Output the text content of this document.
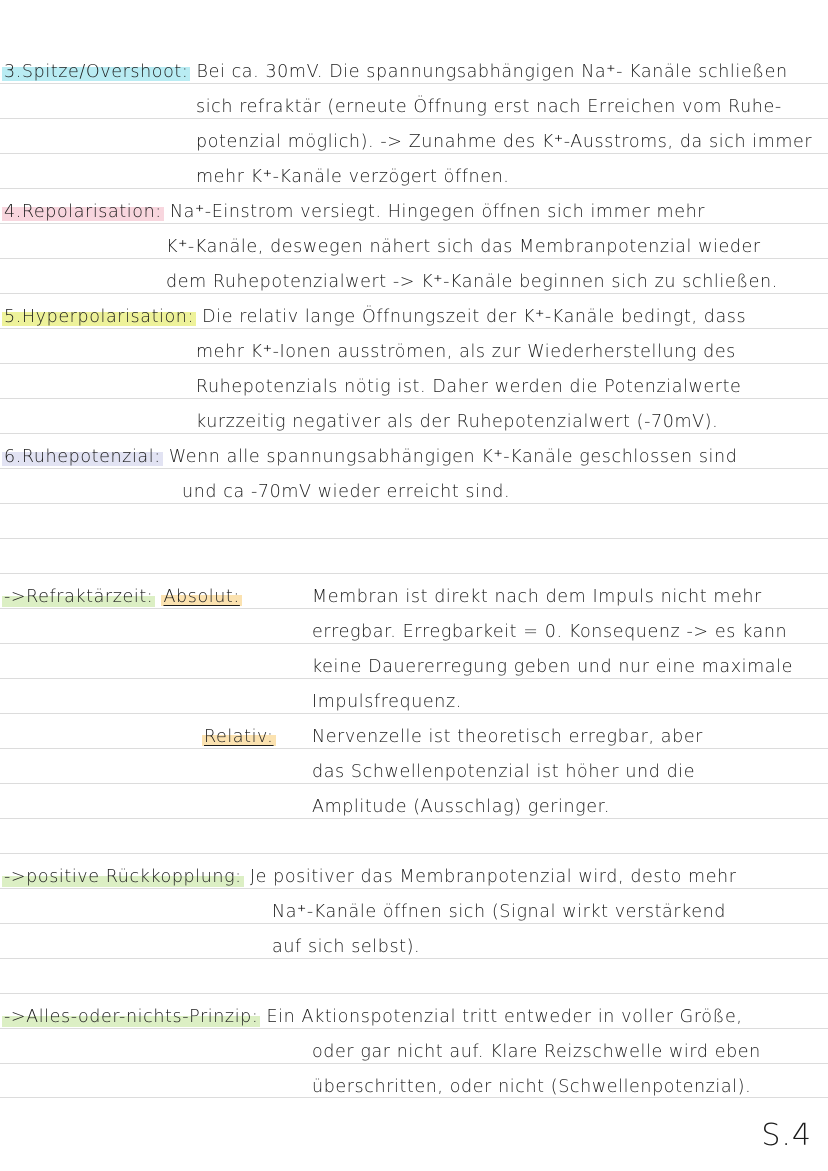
3.Spitze/Overshoot: Bei ca. 30mV. Die spannungsabhängigen Na⁺- Kanäle schließen
sich refraktär (erneute Öffnung erst nach Erreichen vom Ruhe-
potenzial möglich). -> Zunahme des K⁺-Ausstroms, da sich immer
mehr K⁺-Kanäle verzögert öffnen.
4.Repolarisation: Na⁺-Einstrom versiegt. Hingegen öffnen sich immer mehr
K⁺-Kanäle, deswegen nähert sich das Membranpotenzial wieder
dem Ruhepotenzialwert -> K⁺-Kanäle beginnen sich zu schließen.
5.Hyperpolarisation: Die relativ lange Öffnungszeit der K⁺-Kanäle bedingt, dass
mehr K⁺-Ionen ausströmen, als zur Wiederherstellung des
Ruhepotenzials nötig ist. Daher werden die Potenzialwerte
kurzzeitig negativer als der Ruhepotenzialwert (-70mV).
6.Ruhepotenzial: Wenn alle spannungsabhängigen K⁺-Kanäle geschlossen sind
und ca -70mV wieder erreicht sind.
->Refraktärzeit: Absolut:	Membran ist direkt nach dem Impuls nicht mehr
erregbar. Erregbarkeit = 0. Konsequenz -> es kann
keine Dauererregung geben und nur eine maximale
Impulsfrequenz.
Relativ: Nervenzelle ist theoretisch erregbar, aber
das Schwellenpotenzial ist höher und die
Amplitude (Ausschlag) geringer.
->positive Rückkopplung: Je positiver das Membranpotenzial wird, desto mehr
Na⁺-Kanäle öffnen sich (Signal wirkt verstärkend
auf sich selbst).
->Alles-oder-nichts-Prinzip: Ein Aktionspotenzial tritt entweder in voller Größe,
oder gar nicht auf. Klare Reizschwelle wird eben
überschritten, oder nicht (Schwellenpotenzial).
S.4
